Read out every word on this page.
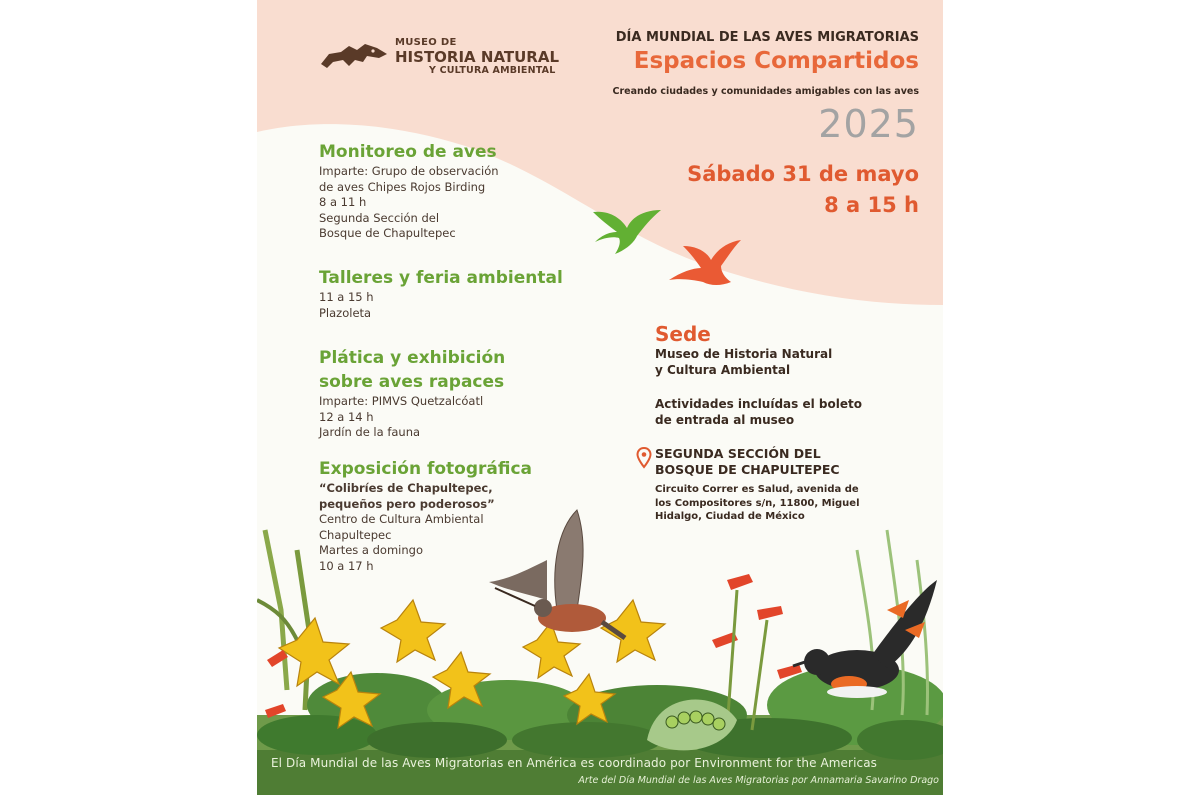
MUSEO DE
HISTORIA NATURAL
Y CULTURA AMBIENTAL
DÍA MUNDIAL DE LAS AVES MIGRATORIAS
Espacios Compartidos
Creando ciudades y comunidades amigables con las aves
2025
Sábado 31 de mayo
8 a 15 h
Monitoreo de aves
Imparte: Grupo de observación
de aves Chipes Rojos Birding
8 a 11 h
Segunda Sección del
Bosque de Chapultepec
Talleres y feria ambiental
11 a 15 h
Plazoleta
Plática y exhibición
sobre aves rapaces
Imparte: PIMVS Quetzalcóatl
12 a 14 h
Jardín de la fauna
Exposición fotográfica
“Colibríes de Chapultepec,
pequeños pero poderosos”
Centro de Cultura Ambiental
Chapultepec
Martes a domingo
10 a 17 h
Sede
Museo de Historia Natural
y Cultura Ambiental
Actividades incluídas el boleto
de entrada al museo
SEGUNDA SECCIÓN DEL
BOSQUE DE CHAPULTEPEC
Circuito Correr es Salud, avenida de
los Compositores s/n, 11800, Miguel
Hidalgo, Ciudad de México
El Día Mundial de las Aves Migratorias en América es coordinado por Environment for the Americas
Arte del Día Mundial de las Aves Migratorias por Annamaria Savarino Drago
